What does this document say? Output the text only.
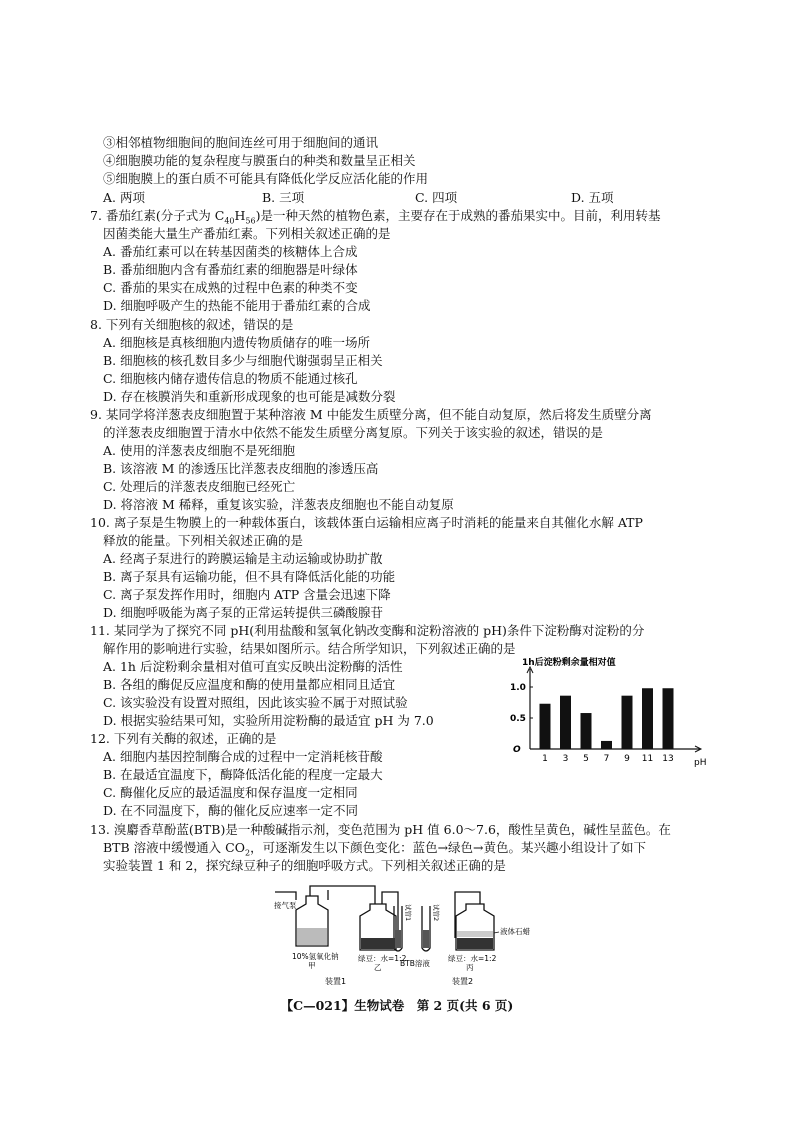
③相邻植物细胞间的胞间连丝可用于细胞间的通讯
④细胞膜功能的复杂程度与膜蛋白的种类和数量呈正相关
⑤细胞膜上的蛋白质不可能具有降低化学反应活化能的作用
A. 两项	B. 三项	C. 四项	D. 五项
7. 番茄红素(分子式为 $C_{40}H_{56}$)是一种天然的植物色素，主要存在于成熟的番茄果实中。目前，利用转基
因菌类能大量生产番茄红素。下列相关叙述正确的是
A. 番茄红素可以在转基因菌类的核糖体上合成
B. 番茄细胞内含有番茄红素的细胞器是叶绿体
C. 番茄的果实在成熟的过程中色素的种类不变
D. 细胞呼吸产生的热能不能用于番茄红素的合成
8. 下列有关细胞核的叙述，错误的是
A. 细胞核是真核细胞内遗传物质储存的唯一场所
B. 细胞核的核孔数目多少与细胞代谢强弱呈正相关
C. 细胞核内储存遗传信息的物质不能通过核孔
D. 存在核膜消失和重新形成现象的也可能是减数分裂
9. 某同学将洋葱表皮细胞置于某种溶液 M 中能发生质壁分离，但不能自动复原，然后将发生质壁分离
的洋葱表皮细胞置于清水中依然不能发生质壁分离复原。下列关于该实验的叙述，错误的是
A. 使用的洋葱表皮细胞不是死细胞
B. 该溶液 M 的渗透压比洋葱表皮细胞的渗透压高
C. 处理后的洋葱表皮细胞已经死亡
D. 将溶液 M 稀释，重复该实验，洋葱表皮细胞也不能自动复原
10. 离子泵是生物膜上的一种载体蛋白，该载体蛋白运输相应离子时消耗的能量来自其催化水解 ATP
释放的能量。下列相关叙述正确的是
A. 经离子泵进行的跨膜运输是主动运输或协助扩散
B. 离子泵具有运输功能，但不具有降低活化能的功能
C. 离子泵发挥作用时，细胞内 ATP 含量会迅速下降
D. 细胞呼吸能为离子泵的正常运转提供三磷酸腺苷
11. 某同学为了探究不同 pH(利用盐酸和氢氧化钠改变酶和淀粉溶液的 pH)条件下淀粉酶对淀粉的分
解作用的影响进行实验，结果如图所示。结合所学知识，下列叙述正确的是
A. 1h 后淀粉剩余量相对值可直实反映出淀粉酶的活性
B. 各组的酶促反应温度和酶的使用量都应相同且适宜
C. 该实验没有设置对照组，因此该实验不属于对照试验
D. 根据实验结果可知，实验所用淀粉酶的最适宜 pH 为 7.0
1h后淀粉剩余量相对值
0.5
1.0
O
1 3 5 7 9 11 13 pH
12. 下列有关酶的叙述，正确的是
A. 细胞内基因控制酶合成的过程中一定消耗核苷酸
B. 在最适宜温度下，酶降低活化能的程度一定最大
C. 酶催化反应的最适温度和保存温度一定相同
D. 在不同温度下，酶的催化反应速率一定不同
13. 溴麝香草酚蓝(BTB)是一种酸碱指示剂，变色范围为 pH 值 6.0～7.6，酸性呈黄色，碱性呈蓝色。在
BTB 溶液中缓慢通入 $CO_2$，可逐渐发生以下颜色变化：蓝色→绿色→黄色。某兴趣小组设计了如下
实验装置 1 和 2，探究绿豆种子的细胞呼吸方式。下列相关叙述正确的是
接气泵
10%氢氧化钠
甲
绿豆：水=1:2
乙
试管1	试管2
BTB溶液
绿豆：水=1:2
丙
液体石蜡
装置1	装置2
【C—021】生物试卷　第 2 页(共 6 页)
